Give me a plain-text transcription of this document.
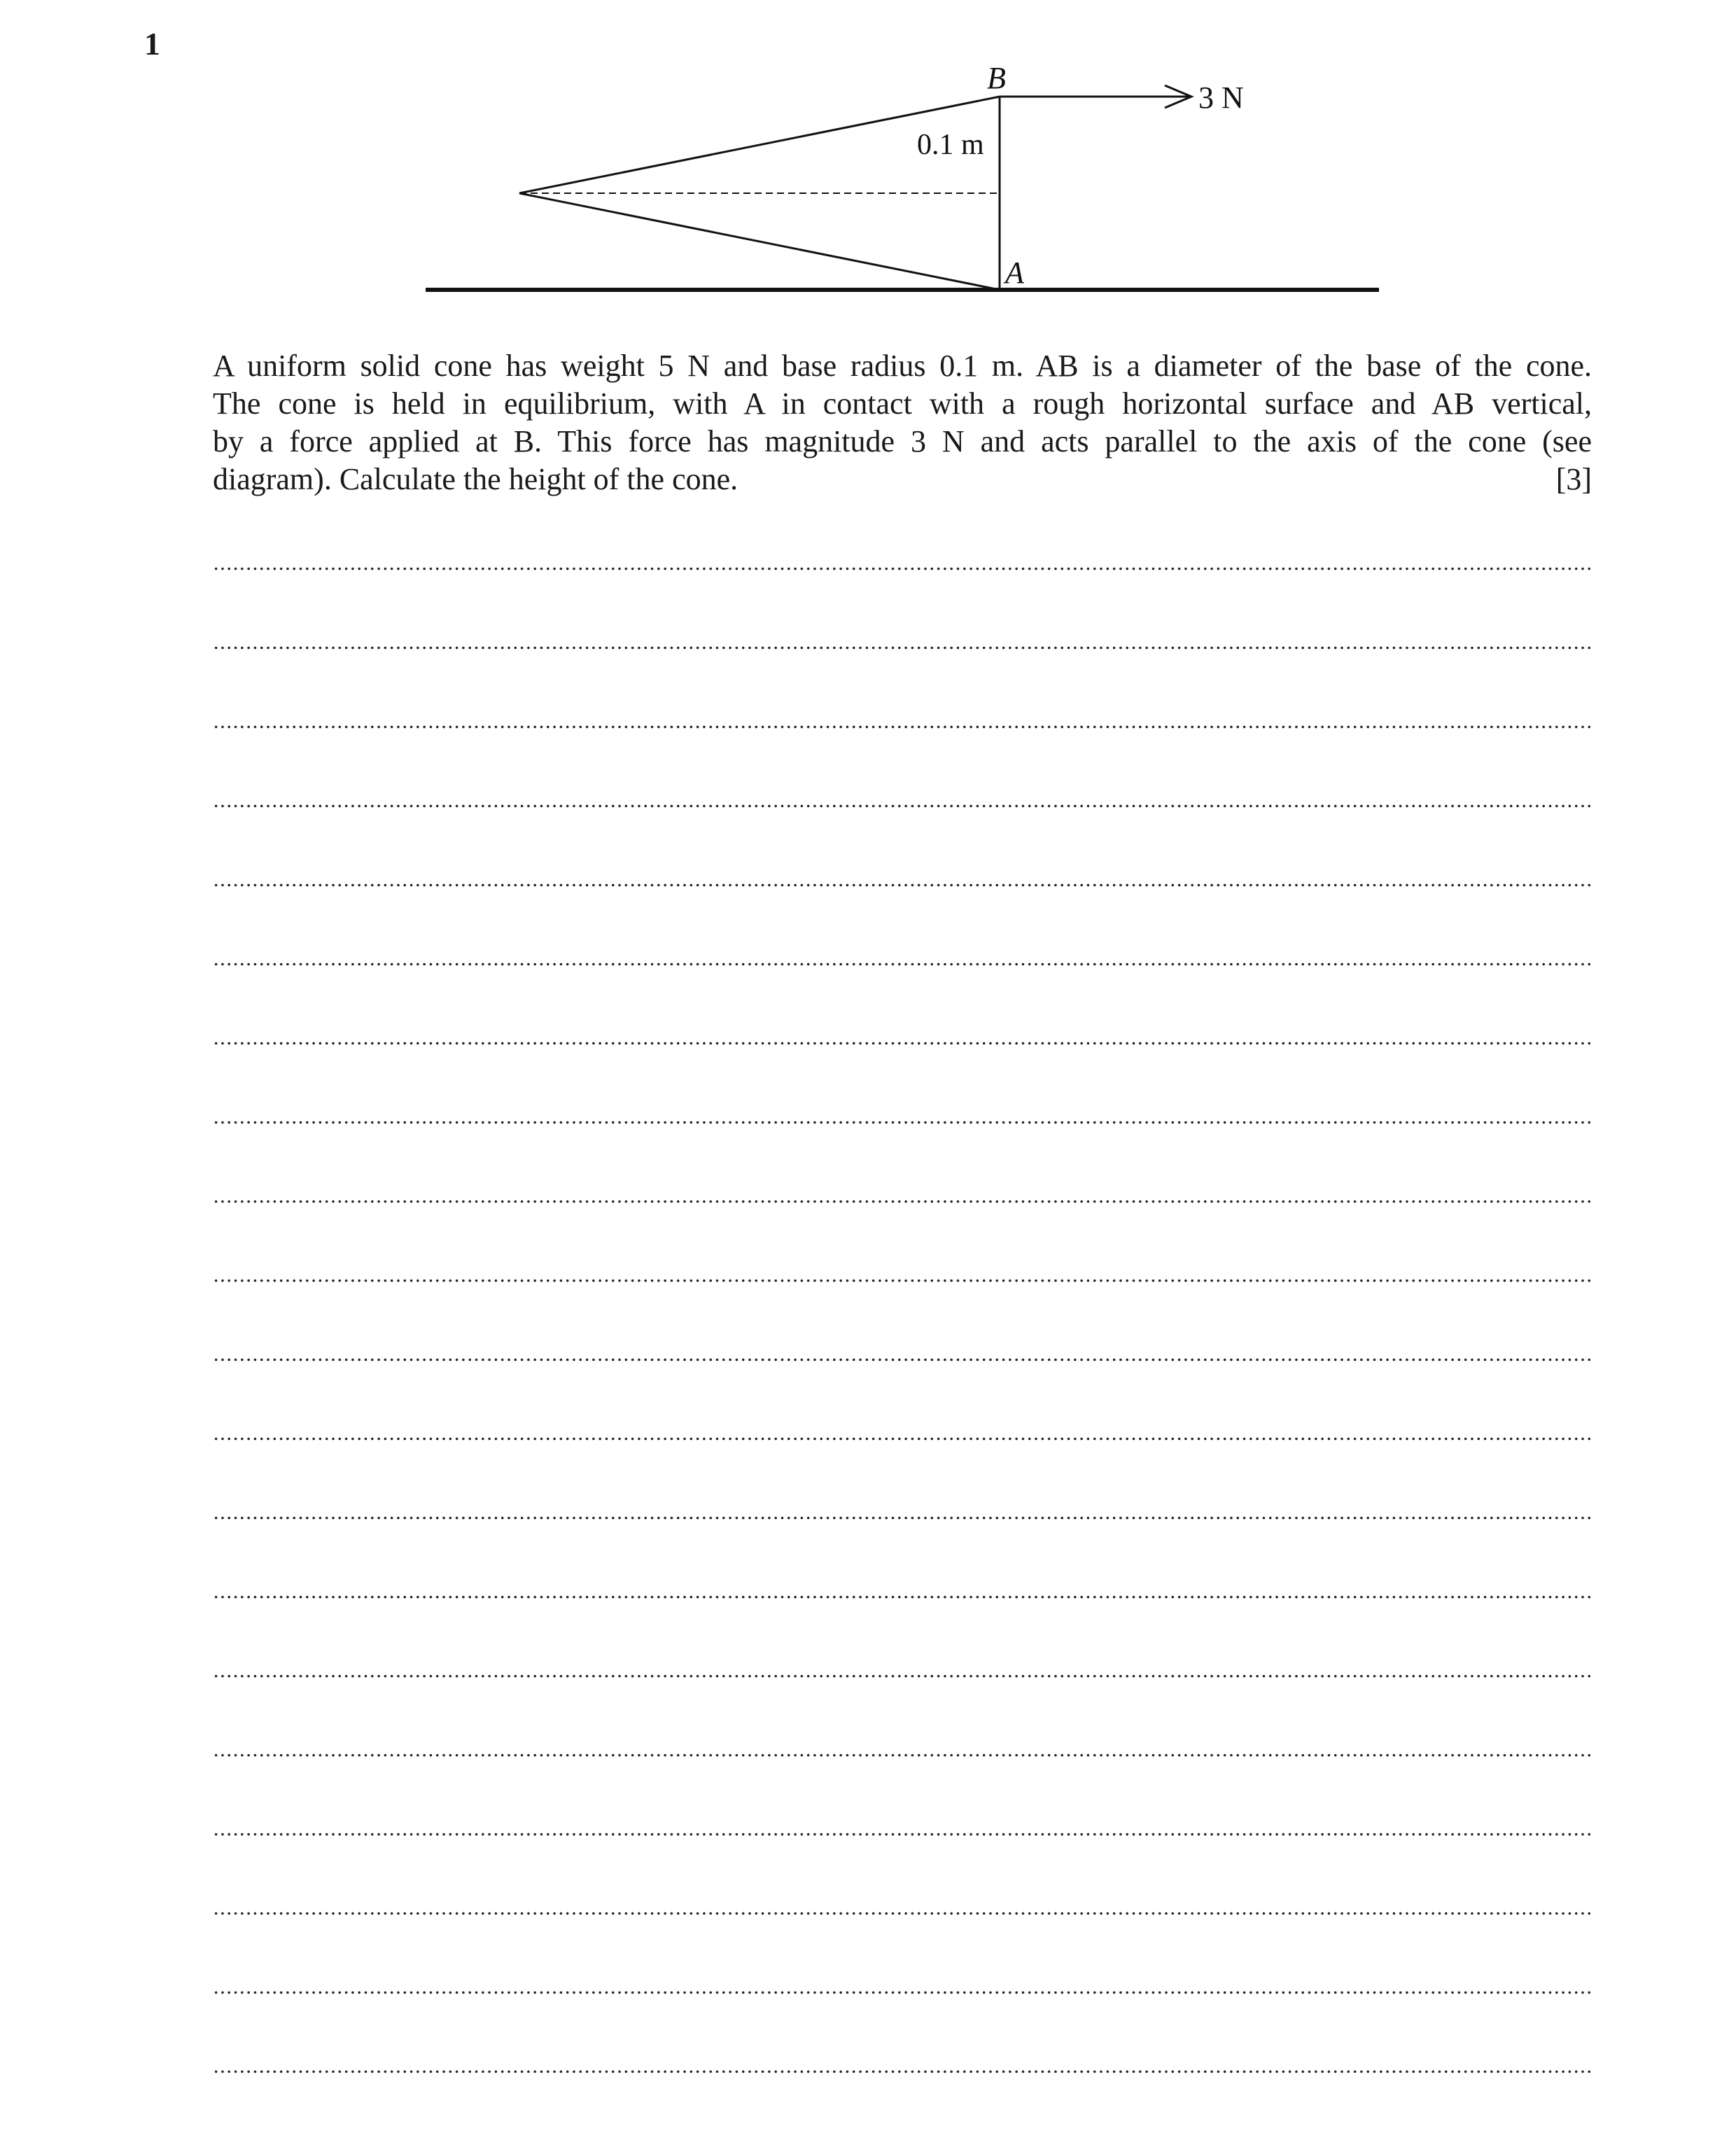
1
B
A
0.1 m
3 N

A uniform solid cone has weight 5 N and base radius 0.1 m. AB is a diameter of the base of the cone.

The cone is held in equilibrium, with A in contact with a rough horizontal surface and AB vertical,

by a force applied at B. This force has magnitude 3 N and acts parallel to the axis of the cone (see

diagram). Calculate the height of the cone.	[3]
